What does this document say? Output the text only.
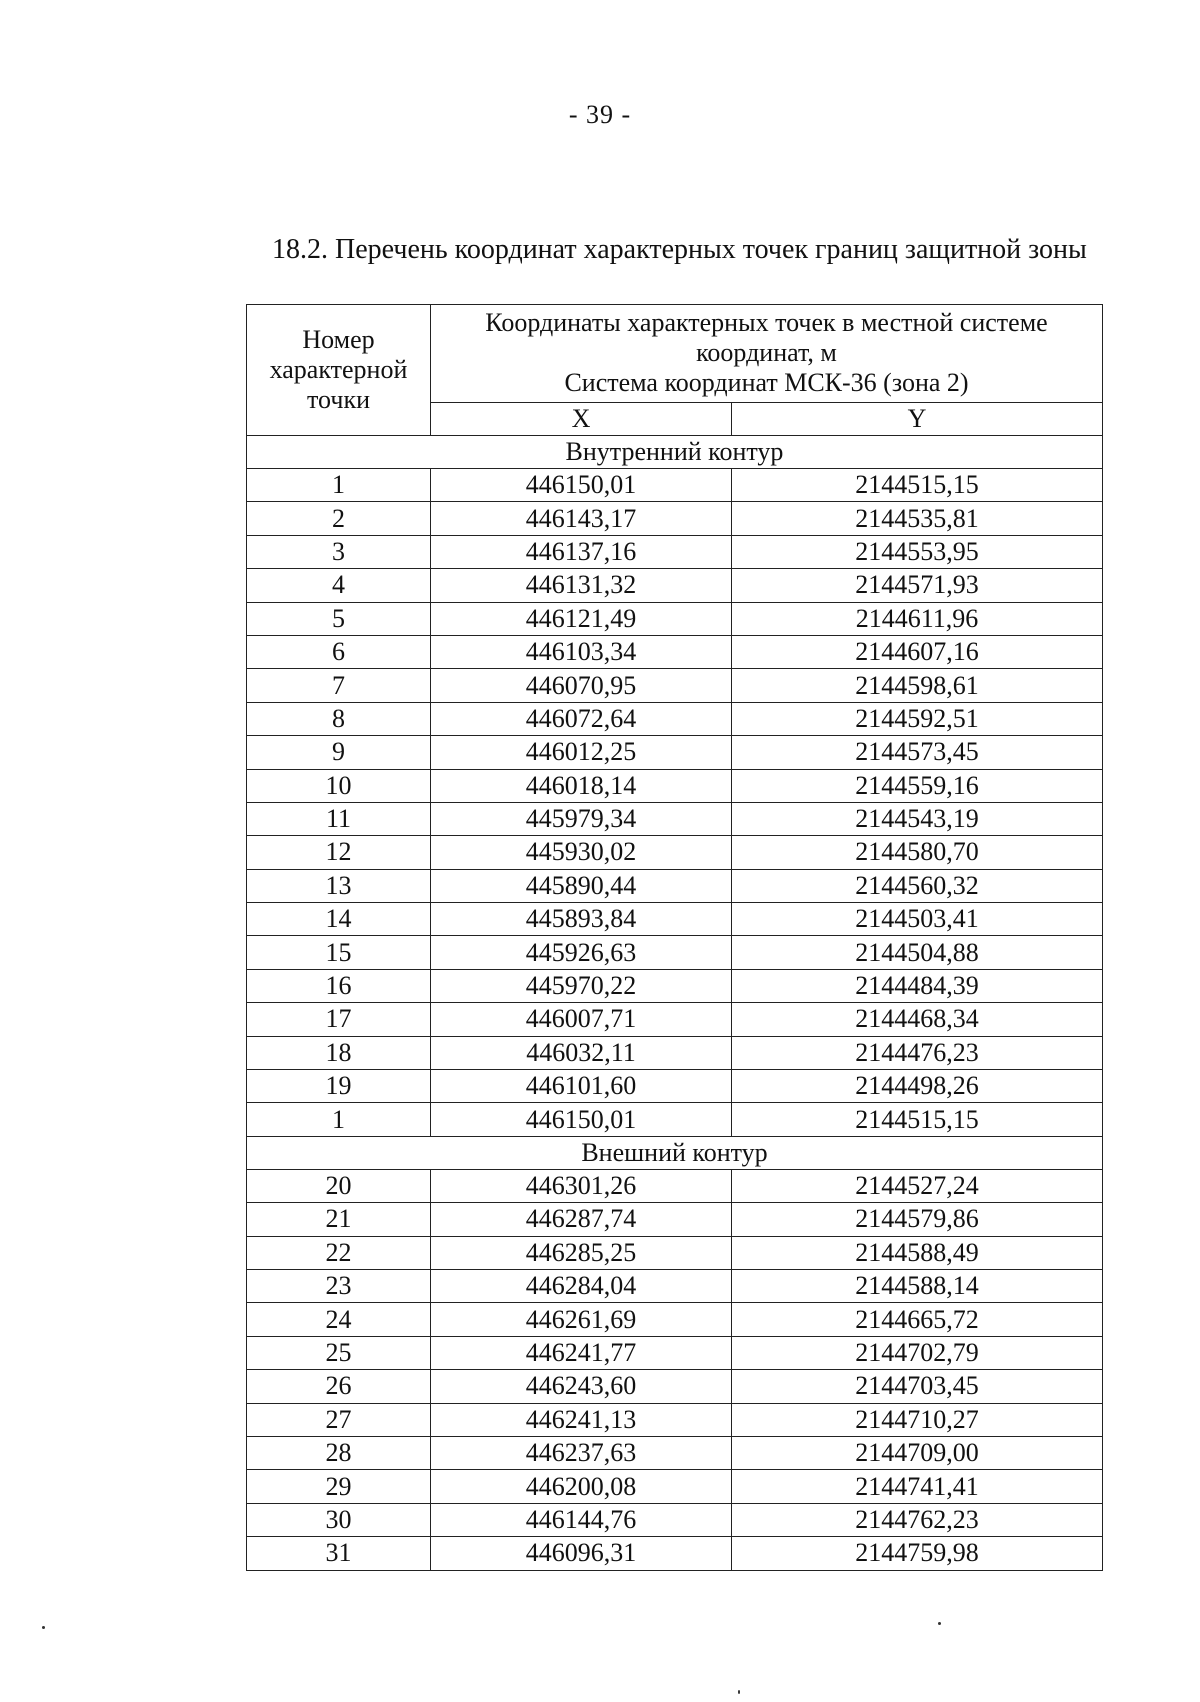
- 39 -
18.2. Перечень координат характерных точек границ защитной зоны
Номер характерной точки	Координаты характерных точек в местной системе координат, м
Система координат МСК-36 (зона 2)	

	X	Y
Внутренний контур		
1	446150,01	2144515,15
2	446143,17	2144535,81
3	446137,16	2144553,95
4	446131,32	2144571,93
5	446121,49	2144611,96
6	446103,34	2144607,16
7	446070,95	2144598,61
8	446072,64	2144592,51
9	446012,25	2144573,45
10	446018,14	2144559,16
11	445979,34	2144543,19
12	445930,02	2144580,70
13	445890,44	2144560,32
14	445893,84	2144503,41
15	445926,63	2144504,88
16	445970,22	2144484,39
17	446007,71	2144468,34
18	446032,11	2144476,23
19	446101,60	2144498,26
1	446150,01	2144515,15
Внешний контур		
20	446301,26	2144527,24
21	446287,74	2144579,86
22	446285,25	2144588,49
23	446284,04	2144588,14
24	446261,69	2144665,72
25	446241,77	2144702,79
26	446243,60	2144703,45
27	446241,13	2144710,27
28	446237,63	2144709,00
29	446200,08	2144741,41
30	446144,76	2144762,23
31	446096,31	2144759,98
